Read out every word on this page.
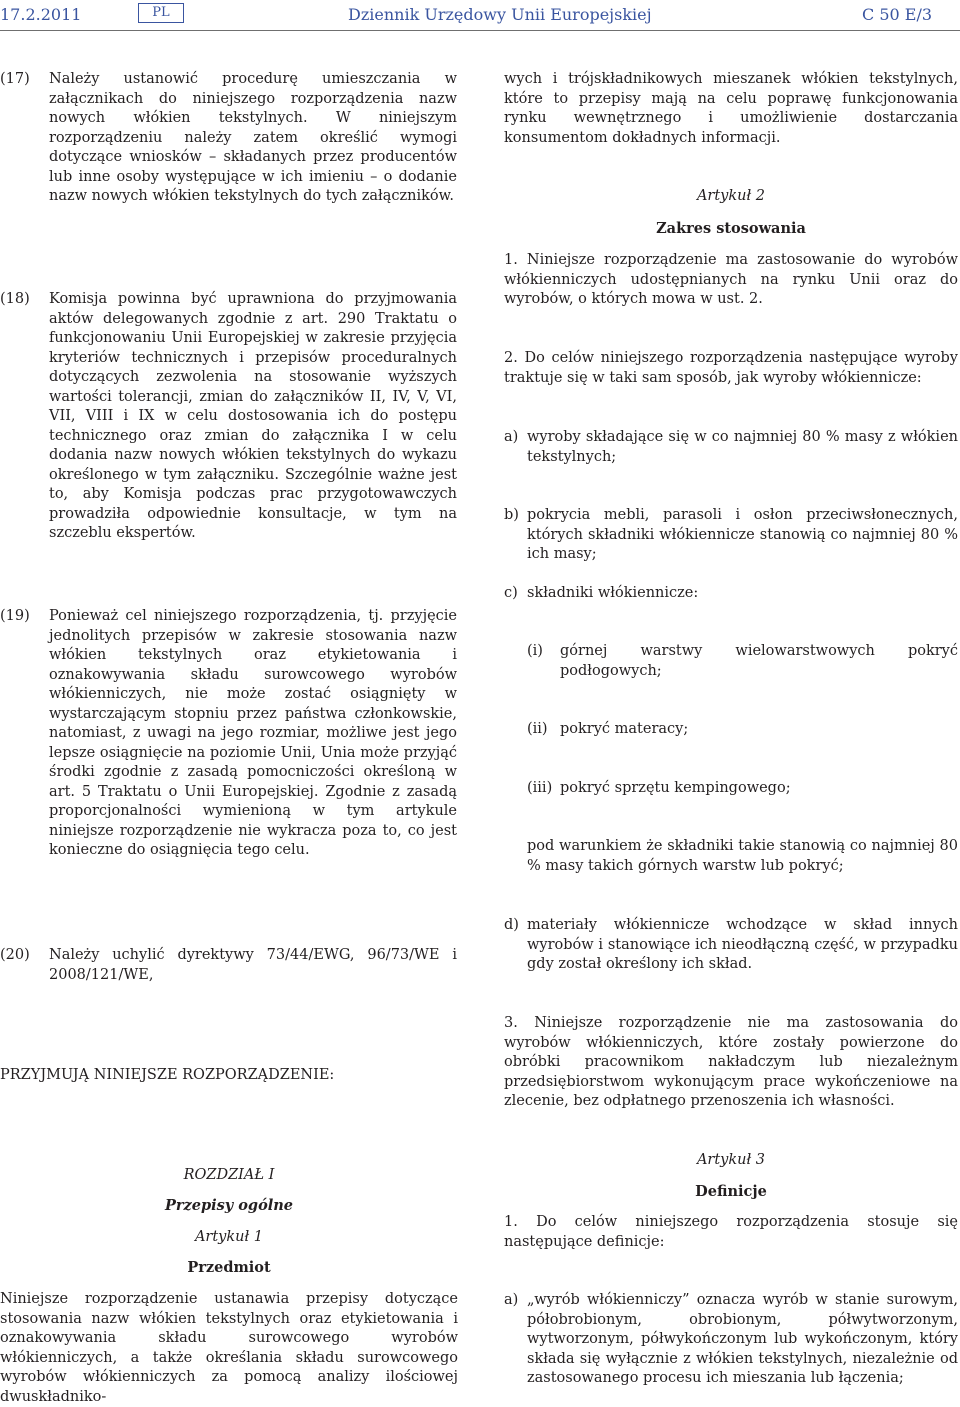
17.2.2011	PL	Dziennik Urzędowy Unii Europejskiej	C 50 E/3
(17) Należy ustanowić procedurę umieszczania w załącznikach do niniejszego rozporządzenia nazw nowych włókien tekstylnych. W niniejszym rozporządzeniu należy zatem określić wymogi dotyczące wniosków – składanych przez producentów lub inne osoby występujące w ich imieniu – o dodanie nazw nowych włókien tekstylnych do tych załączników.
(18) Komisja powinna być uprawniona do przyjmowania aktów delegowanych zgodnie z art. 290 Traktatu o funkcjonowaniu Unii Europejskiej w zakresie przyjęcia kryteriów technicznych i przepisów proceduralnych dotyczących zezwolenia na stosowanie wyższych wartości tolerancji, zmian do załączników II, IV, V, VI, VII, VIII i IX w celu dostosowania ich do postępu technicznego oraz zmian do załącznika I w celu dodania nazw nowych włókien tekstylnych do wykazu określonego w tym załączniku. Szczególnie ważne jest to, aby Komisja podczas prac przygotowawczych prowadziła odpowiednie konsultacje, w tym na szczeblu ekspertów.
(19) Ponieważ cel niniejszego rozporządzenia, tj. przyjęcie jednolitych przepisów w zakresie stosowania nazw włókien tekstylnych oraz etykietowania i oznakowywania składu surowcowego wyrobów włókienniczych, nie może zostać osiągnięty w wystarczającym stopniu przez państwa członkowskie, natomiast, z uwagi na jego rozmiar, możliwe jest jego lepsze osiągnięcie na poziomie Unii, Unia może przyjąć środki zgodnie z zasadą pomocniczości określoną w art. 5 Traktatu o Unii Europejskiej. Zgodnie z zasadą proporcjonalności wymienioną w tym artykule niniejsze rozporządzenie nie wykracza poza to, co jest konieczne do osiągnięcia tego celu.
(20) Należy uchylić dyrektywy 73/44/EWG, 96/73/WE i 2008/121/WE,
PRZYJMUJĄ NINIEJSZE ROZPORZĄDZENIE:
ROZDZIAŁ I
Przepisy ogólne
Artykuł 1
Przedmiot
Niniejsze rozporządzenie ustanawia przepisy dotyczące stosowania nazw włókien tekstylnych oraz etykietowania i oznakowywania składu surowcowego wyrobów włókienniczych, a także określania składu surowcowego wyrobów włókienniczych za pomocą analizy ilościowej dwuskładniko-
wych i trójskładnikowych mieszanek włókien tekstylnych, które to przepisy mają na celu poprawę funkcjonowania rynku wewnętrznego i umożliwienie dostarczania konsumentom dokładnych informacji.
Artykuł 2
Zakres stosowania
1. Niniejsze rozporządzenie ma zastosowanie do wyrobów włókienniczych udostępnianych na rynku Unii oraz do wyrobów, o których mowa w ust. 2.
2. Do celów niniejszego rozporządzenia następujące wyroby traktuje się w taki sam sposób, jak wyroby włókiennicze:
a) wyroby składające się w co najmniej 80 % masy z włókien tekstylnych;
b) pokrycia mebli, parasoli i osłon przeciwsłonecznych, których składniki włókiennicze stanowią co najmniej 80 % ich masy;
c) składniki włókiennicze:
(i) górnej warstwy wielowarstwowych pokryć podłogowych;
(ii) pokryć materacy;
(iii) pokryć sprzętu kempingowego;
pod warunkiem że składniki takie stanowią co najmniej 80 % masy takich górnych warstw lub pokryć;
d) materiały włókiennicze wchodzące w skład innych wyrobów i stanowiące ich nieodłączną część, w przypadku gdy został określony ich skład.
3. Niniejsze rozporządzenie nie ma zastosowania do wyrobów włókienniczych, które zostały powierzone do obróbki pracownikom nakładczym lub niezależnym przedsiębiorstwom wykonującym prace wykończeniowe na zlecenie, bez odpłatnego przenoszenia ich własności.
Artykuł 3
Definicje
1. Do celów niniejszego rozporządzenia stosuje się następujące definicje:
a) „wyrób włókienniczy” oznacza wyrób w stanie surowym, półobrobionym, obrobionym, półwytworzonym, wytworzonym, półwykończonym lub wykończonym, który składa się wyłącznie z włókien tekstylnych, niezależnie od zastosowanego procesu ich mieszania lub łączenia;
